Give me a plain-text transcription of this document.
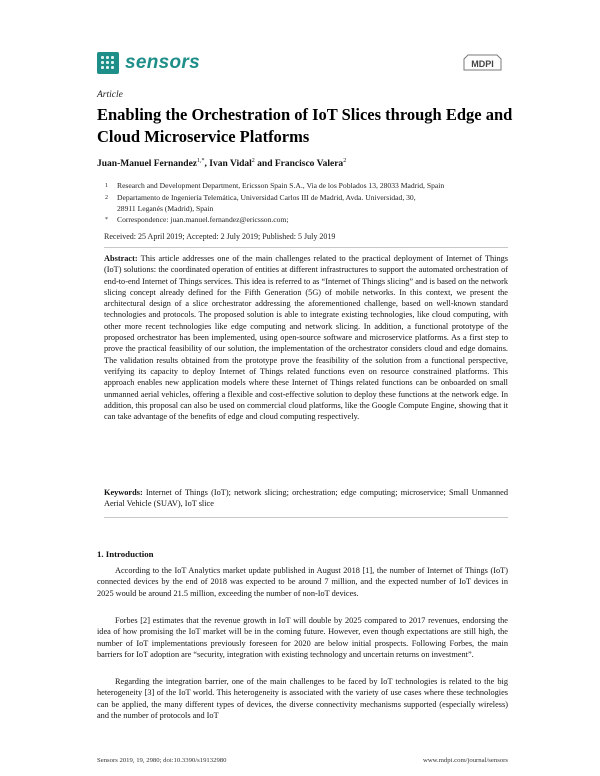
sensors	MDPI
Article
Enabling the Orchestration of IoT Slices through Edge and Cloud Microservice Platforms
Juan-Manuel Fernandez$^{1,*}$, Ivan Vidal$^2$ and Francisco Valera$^2$
1 Research and Development Department, Ericsson Spain S.A., Via de los Poblados 13, 28033 Madrid, Spain
2 Departamento de Ingeniería Telemática, Universidad Carlos III de Madrid, Avda. Universidad, 30,
28911 Leganés (Madrid), Spain
* Correspondence: juan.manuel.fernandez@ericsson.com;
Received: 25 April 2019; Accepted: 2 July 2019; Published: 5 July 2019
Abstract: This article addresses one of the main challenges related to the practical deployment of Internet of Things (IoT) solutions: the coordinated operation of entities at different infrastructures to support the automated orchestration of end-to-end Internet of Things services. This idea is referred to as “Internet of Things slicing” and is based on the network slicing concept already defined for the Fifth Generation (5G) of mobile networks. In this context, we present the architectural design of a slice orchestrator addressing the aforementioned challenge, based on well-known standard technologies and protocols. The proposed solution is able to integrate existing technologies, like cloud computing, with other more recent technologies like edge computing and network slicing. In addition, a functional prototype of the proposed orchestrator has been implemented, using open-source software and microservice platforms. As a first step to prove the practical feasibility of our solution, the implementation of the orchestrator considers cloud and edge domains. The validation results obtained from the prototype prove the feasibility of the solution from a functional perspective, verifying its capacity to deploy Internet of Things related functions even on resource constrained platforms. This approach enables new application models where these Internet of Things related functions can be onboarded on small unmanned aerial vehicles, offering a flexible and cost-effective solution to deploy these functions at the network edge. In addition, this proposal can also be used on commercial cloud platforms, like the Google Compute Engine, showing that it can take advantage of the benefits of edge and cloud computing respectively.
Keywords: Internet of Things (IoT); network slicing; orchestration; edge computing; microservice; Small Unmanned Aerial Vehicle (SUAV), IoT slice
1. Introduction
According to the IoT Analytics market update published in August 2018 [1], the number of Internet of Things (IoT) connected devices by the end of 2018 was expected to be around 7 million, and the expected number of IoT devices in 2025 would be around 21.5 million, exceeding the number of non-IoT devices.
Forbes [2] estimates that the revenue growth in IoT will double by 2025 compared to 2017 revenues, endorsing the idea of how promising the IoT market will be in the coming future. However, even though expectations are still high, the number of IoT implementations previously foreseen for 2020 are below initial prospects. Following Forbes, the main barriers for IoT adoption are “security, integration with existing technology and uncertain returns on investment”.
Regarding the integration barrier, one of the main challenges to be faced by IoT technologies is related to the big heterogeneity [3] of the IoT world. This heterogeneity is associated with the variety of use cases where these technologies can be applied, the many different types of devices, the diverse connectivity mechanisms supported (especially wireless) and the number of protocols and IoT
Sensors 2019, 19, 2980; doi:10.3390/s19132980	www.mdpi.com/journal/sensors
